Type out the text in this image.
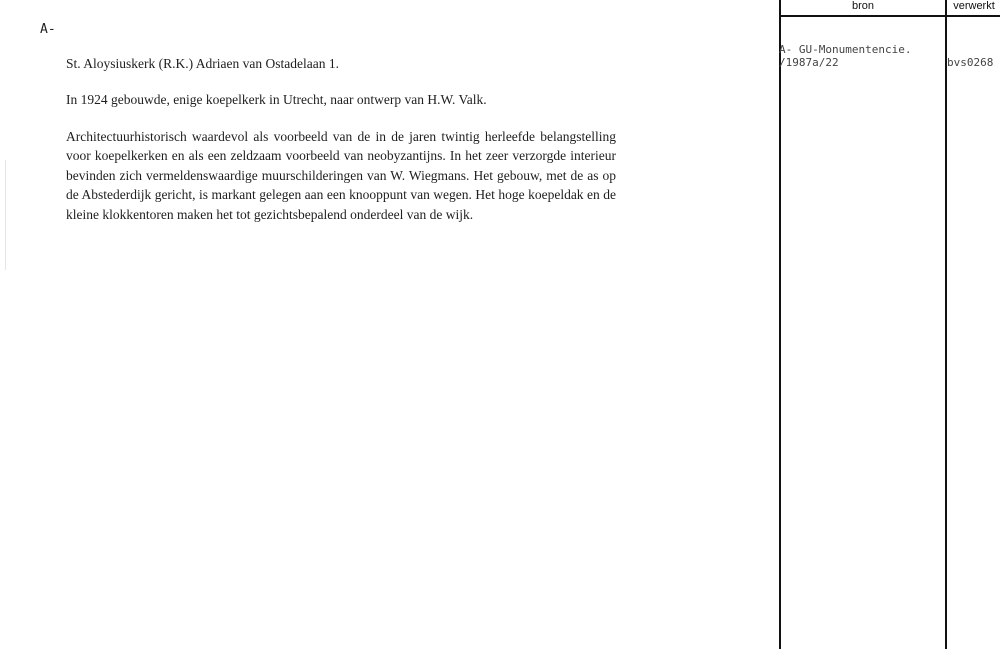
A-
St. Aloysiuskerk (R.K.) Adriaen van Ostadelaan 1.
In 1924 gebouwde, enige koepelkerk in Utrecht, naar ontwerp van H.W. Valk.
Architectuurhistorisch waardevol als voorbeeld van de in de jaren twintig herleefde belangstelling voor koepelkerken en als een zeldzaam voorbeeld van neobyzantijns. In het zeer verzorgde interieur bevinden zich vermeldenswaardige muurschilderingen van W. Wiegmans. Het gebouw, met de as op de Abstederdijk gericht, is markant gelegen aan een knooppunt van wegen. Het hoge koepeldak en de kleine klokkentoren maken het tot gezichtsbepalend onderdeel van de wijk.
bron	verwerkt
A- GU-Monumentencie.
/1987a/22	bvs0268
